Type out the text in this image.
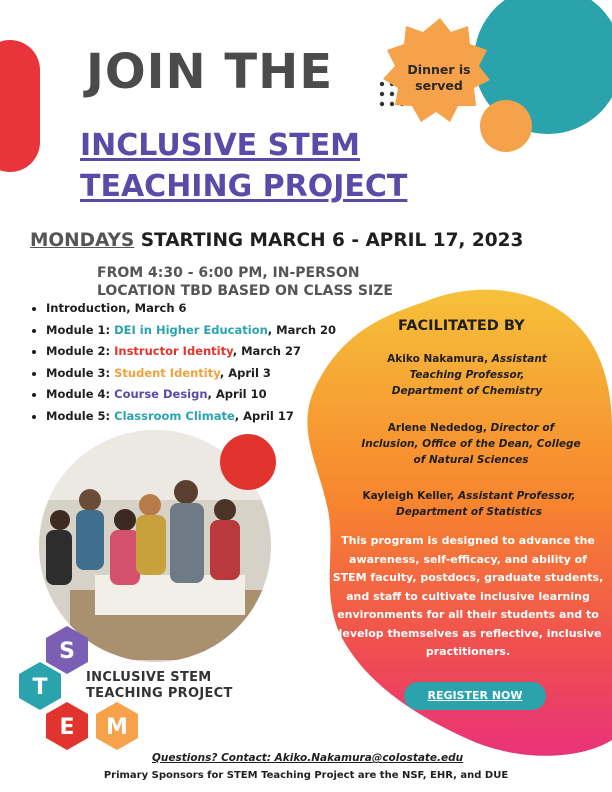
S
T
E M
JOIN THE	Dinner is
served
INCLUSIVE STEM
TEACHING PROJECT
MONDAYS STARTING MARCH 6 - APRIL 17, 2023
FROM 4:30 - 6:00 PM, IN-PERSON
LOCATION TBD BASED ON CLASS SIZE
• Introduction, March 6
• Module 1: DEI in Higher Education, March 20
• Module 2: Instructor Identity, March 27
• Module 3: Student Identity, April 3
• Module 4: Course Design, April 10
• Module 5: Classroom Climate, April 17
FACILITATED BY
Akiko Nakamura, Assistant
Teaching Professor,
Department of Chemistry
Arlene Nededog, Director of
Inclusion, Office of the Dean, College
of Natural Sciences
Kayleigh Keller, Assistant Professor,
Department of Statistics
This program is designed to advance the awareness, self-efficacy, and ability of STEM faculty, postdocs, graduate students, and staff to cultivate inclusive learning environments for all their students and to develop themselves as reflective, inclusive practitioners.
REGISTER NOW
INCLUSIVE STEM
TEACHING PROJECT
Questions? Contact: Akiko.Nakamura@colostate.edu
Primary Sponsors for STEM Teaching Project are the NSF, EHR, and DUE
